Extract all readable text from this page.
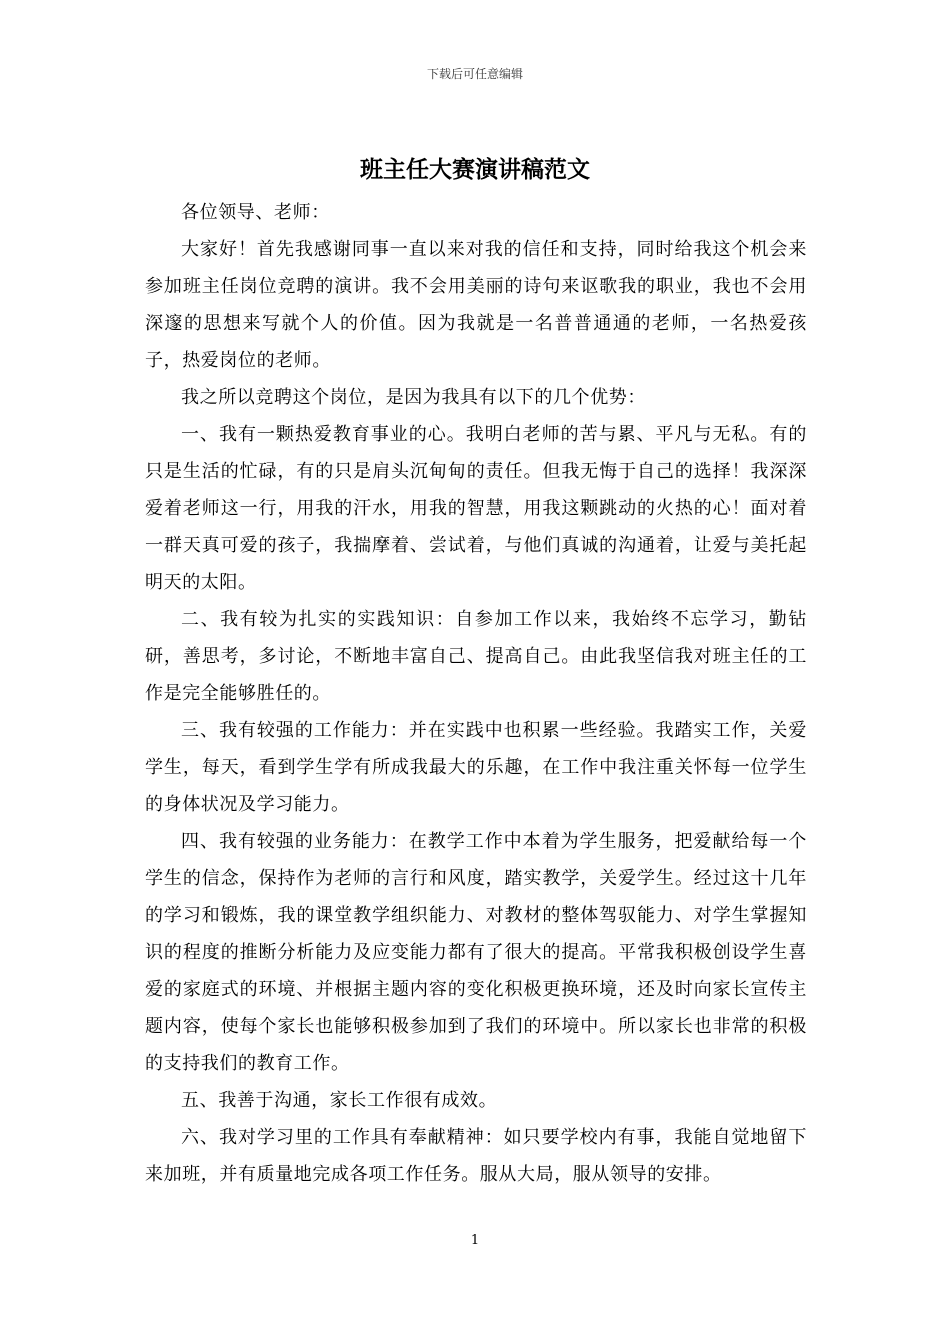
下载后可任意编辑
班主任大赛演讲稿范文

各位领导、老师：

大家好！首先我感谢同事一直以来对我的信任和支持，同时给我这个机会来参加班主任岗位竞聘的演讲。我不会用美丽的诗句来讴歌我的职业，我也不会用深邃的思想来写就个人的价值。因为我就是一名普普通通的老师，一名热爱孩子，热爱岗位的老师。

我之所以竞聘这个岗位，是因为我具有以下的几个优势：

一、我有一颗热爱教育事业的心。我明白老师的苦与累、平凡与无私。有的只是生活的忙碌，有的只是肩头沉甸甸的责任。但我无悔于自己的选择！我深深爱着老师这一行，用我的汗水，用我的智慧，用我这颗跳动的火热的心！面对着一群天真可爱的孩子，我揣摩着、尝试着，与他们真诚的沟通着，让爱与美托起明天的太阳。

二、我有较为扎实的实践知识：自参加工作以来，我始终不忘学习，勤钻研，善思考，多讨论，不断地丰富自己、提高自己。由此我坚信我对班主任的工作是完全能够胜任的。

三、我有较强的工作能力：并在实践中也积累一些经验。我踏实工作，关爱学生，每天，看到学生学有所成我最大的乐趣，在工作中我注重关怀每一位学生的身体状况及学习能力。

四、我有较强的业务能力：在教学工作中本着为学生服务，把爱献给每一个学生的信念，保持作为老师的言行和风度，踏实教学，关爱学生。经过这十几年的学习和锻炼，我的课堂教学组织能力、对教材的整体驾驭能力、对学生掌握知识的程度的推断分析能力及应变能力都有了很大的提高。平常我积极创设学生喜爱的家庭式的环境、并根据主题内容的变化积极更换环境，还及时向家长宣传主题内容，使每个家长也能够积极参加到了我们的环境中。所以家长也非常的积极的支持我们的教育工作。

五、我善于沟通，家长工作很有成效。

六、我对学习里的工作具有奉献精神：如只要学校内有事，我能自觉地留下来加班，并有质量地完成各项工作任务。服从大局，服从领导的安排。

1
